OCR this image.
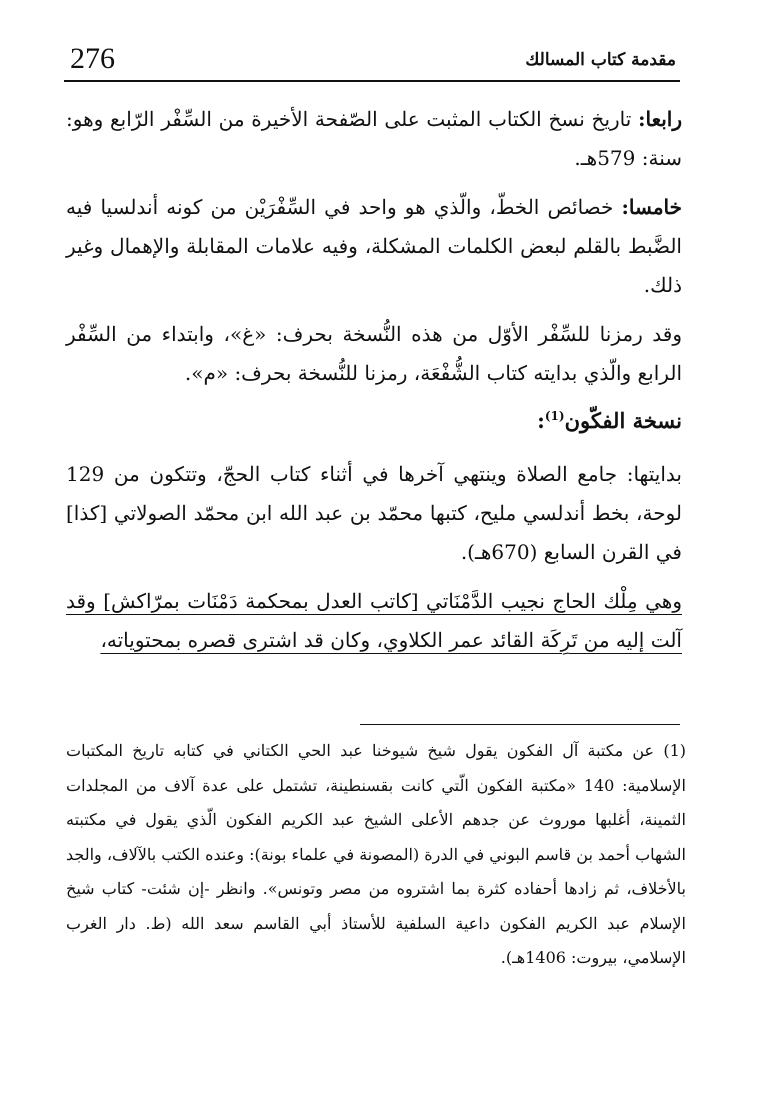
276	مقدمة كتاب المسالك

رابعا: تاريخ نسخ الكتاب المثبت على الصّفحة الأخيرة من السِّفْر الرّابع وهو: سنة: 579هـ.

خامسا: خصائص الخطّ، والّذي هو واحد في السِّفْرَيْن من كونه أندلسيا فيه الضَّبط بالقلم لبعض الكلمات المشكلة، وفيه علامات المقابلة والإهمال وغير ذلك.

وقد رمزنا للسِّفْر الأوّل من هذه النُّسخة بحرف: «غ»، وابتداء من السِّفْر الرابع والّذي بدايته كتاب الشُّفْعَة، رمزنا للنُّسخة بحرف: «م».

نسخة الفكّون$^{(1)}$:

بدايتها: جامع الصلاة وينتهي آخرها في أثناء كتاب الحجّ، وتتكون من 129 لوحة، بخط أندلسي مليح، كتبها محمّد بن عبد الله ابن محمّد الصولاتي [كذا] في القرن السابع (670هـ).

وهي مِلْك الحاج نجيب الدَّمْنَاتي [كاتب العدل بمحكمة دَمْنَات بمرّاكش] وقد آلت إليه من تَرِكَة القائد عمر الكلاوي، وكان قد اشترى قصره بمحتوياته،

(1) عن مكتبة آل الفكون يقول شيخ شيوخنا عبد الحي الكتاني في كتابه تاريخ المكتبات الإسلامية: 140 «مكتبة الفكون الّتي كانت بقسنطينة، تشتمل على عدة آلاف من المجلدات الثمينة، أغلبها موروث عن جدهم الأعلى الشيخ عبد الكريم الفكون الّذي يقول في مكتبته الشهاب أحمد بن قاسم البوني في الدرة (المصونة في علماء بونة): وعنده الكتب بالآلاف، والجد بالأخلاف، ثم زادها أحفاده كثرة بما اشتروه من مصر وتونس». وانظر -إن شئت- كتاب شيخ الإسلام عبد الكريم الفكون داعية السلفية للأستاذ أبي القاسم سعد الله (ط. دار الغرب الإسلامي، بيروت: 1406هـ).
